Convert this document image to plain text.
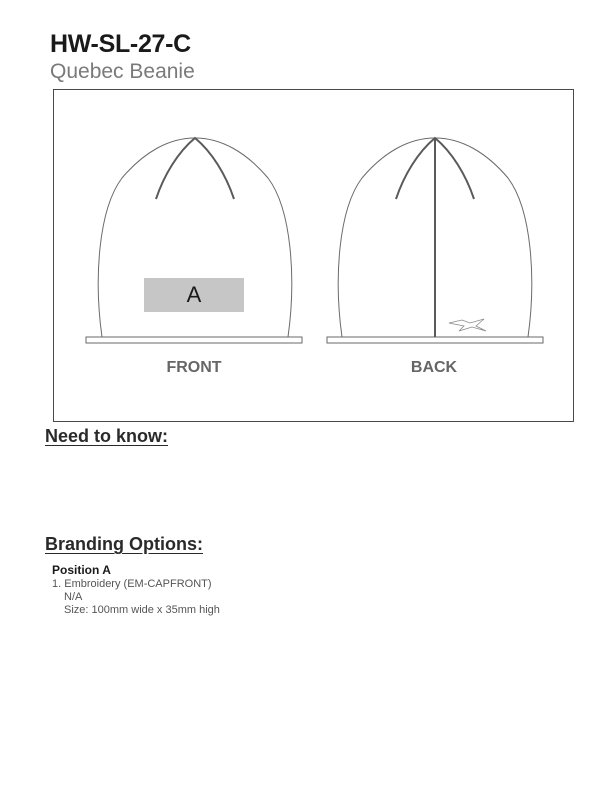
HW-SL-27-C
Quebec Beanie
A
FRONT	BACK
Need to know:
Branding Options:
Position A
1. Embroidery (EM-CAPFRONT)
N/A
Size: 100mm wide x 35mm high
